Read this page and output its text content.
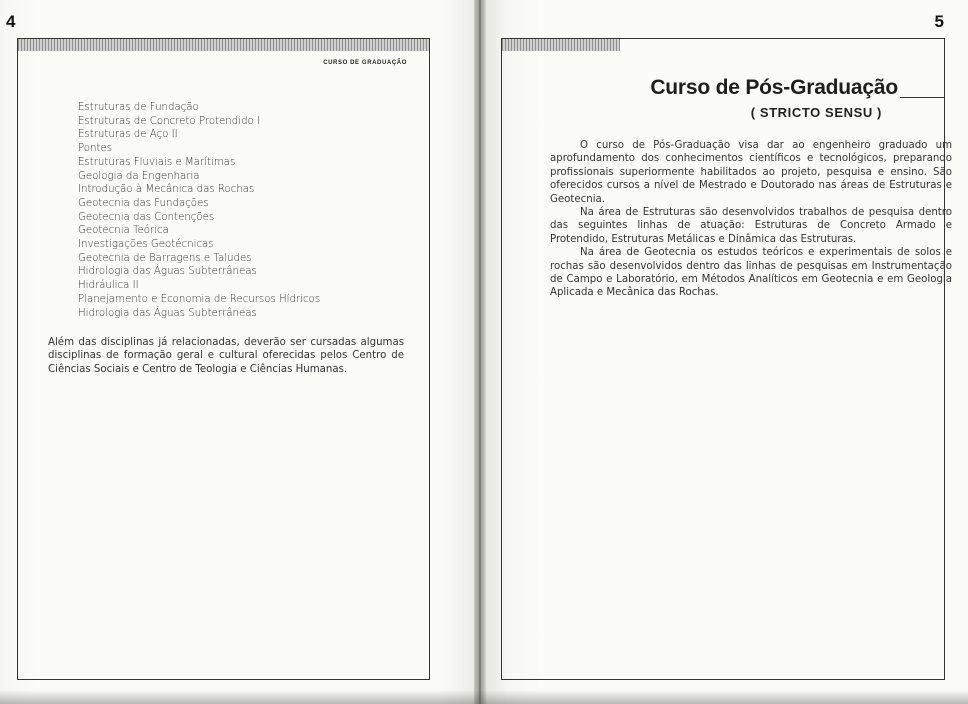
4
CURSO DE GRADUAÇÃO
Estruturas de Fundação
Estruturas de Concreto Protendido I
Estruturas de Aço II
Pontes
Estruturas Fluviais e Marítimas
Geologia da Engenharia
Introdução à Mecânica das Rochas
Geotecnia das Fundações
Geotecnia das Contenções
Geotecnia Teórica
Investigações Geotécnicas
Geotecnia de Barragens e Taludes
Hidrologia das Águas Subterrâneas
Hidráulica II
Planejamento e Economia de Recursos Hídricos
Hidrologia das Águas Subterrâneas

Além das disciplinas já relacionadas, deverão ser cursadas algumas disciplinas de formação geral e cultural oferecidas pelos Centro de Ciências Sociais e Centro de Teologia e Ciências Humanas.

5
Curso de Pós-Graduação
( STRICTO SENSU )

O curso de Pós-Graduação visa dar ao engenheiro graduado um aprofundamento dos conhecimentos científicos e tecnológicos, preparando profissionais superiormente habilitados ao projeto, pesquisa e ensino. São oferecidos cursos a nível de Mestrado e Doutorado nas áreas de Estruturas e Geotecnia.

Na área de Estruturas são desenvolvidos trabalhos de pesquisa dentro das seguintes linhas de atuação: Estruturas de Concreto Armado e Protendido, Estruturas Metálicas e Dinâmica das Estruturas.

Na área de Geotecnia os estudos teóricos e experimentais de solos e rochas são desenvolvidos dentro das linhas de pesquisas em Instrumentação de Campo e Laboratório, em Métodos Analíticos em Geotecnia e em Geologia Aplicada e Mecânica das Rochas.
